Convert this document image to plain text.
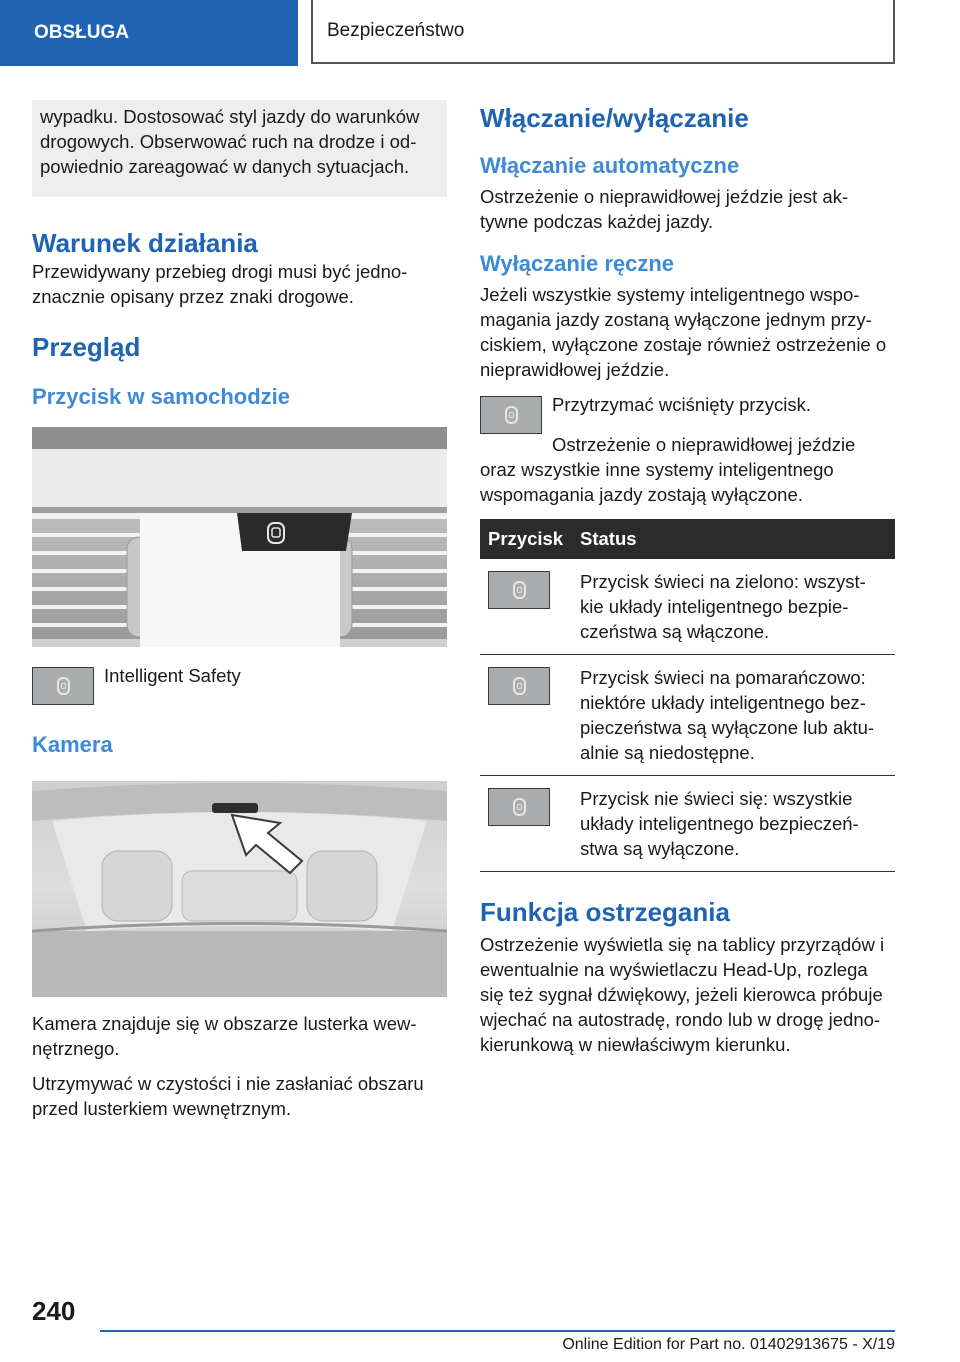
OBSŁUGA	Bezpieczeństwo

wypadku. Dostosować styl jazdy do warunków
drogowych. Obserwować ruch na drodze i od-
powiednio zareagować w danych sytuacjach.

Warunek działania

Przewidywany przebieg drogi musi być jedno-
znacznie opisany przez znaki drogowe.

Przegląd
Przycisk w samochodzie

Intelligent Safety

Kamera

Kamera znajduje się w obszarze lusterka wew-
nętrznego.

Utrzymywać w czystości i nie zasłaniać obszaru
przed lusterkiem wewnętrznym.

Włączanie/wyłączanie
Włączanie automatyczne

Ostrzeżenie o nieprawidłowej jeździe jest ak-
tywne podczas każdej jazdy.

Wyłączanie ręczne

Jeżeli wszystkie systemy inteligentnego wspo-
magania jazdy zostaną wyłączone jednym przy-
ciskiem, wyłączone zostaje również ostrzeżenie o
nieprawidłowej jeździe.

Przytrzymać wciśnięty przycisk.

Ostrzeżenie o nieprawidłowej jeździe
oraz wszystkie inne systemy inteligentnego
wspomagania jazdy zostają wyłączone.

Przycisk	Status

	Przycisk świeci na zielono: wszyst-
kie układy inteligentnego bezpie-
czeństwa są włączone.

	Przycisk świeci na pomarańczowo:
niektóre układy inteligentnego bez-
pieczeństwa są wyłączone lub aktu-
alnie są niedostępne.

	Przycisk nie świeci się: wszystkie
układy inteligentnego bezpieczeń-
stwa są wyłączone.
Funkcja ostrzegania

Ostrzeżenie wyświetla się na tablicy przyrządów i
ewentualnie na wyświetlaczu Head-Up, rozlega
się też sygnał dźwiękowy, jeżeli kierowca próbuje
wjechać na autostradę, rondo lub w drogę jedno-
kierunkową w niewłaściwym kierunku.

240
Online Edition for Part no. 01402913675 - X/19
